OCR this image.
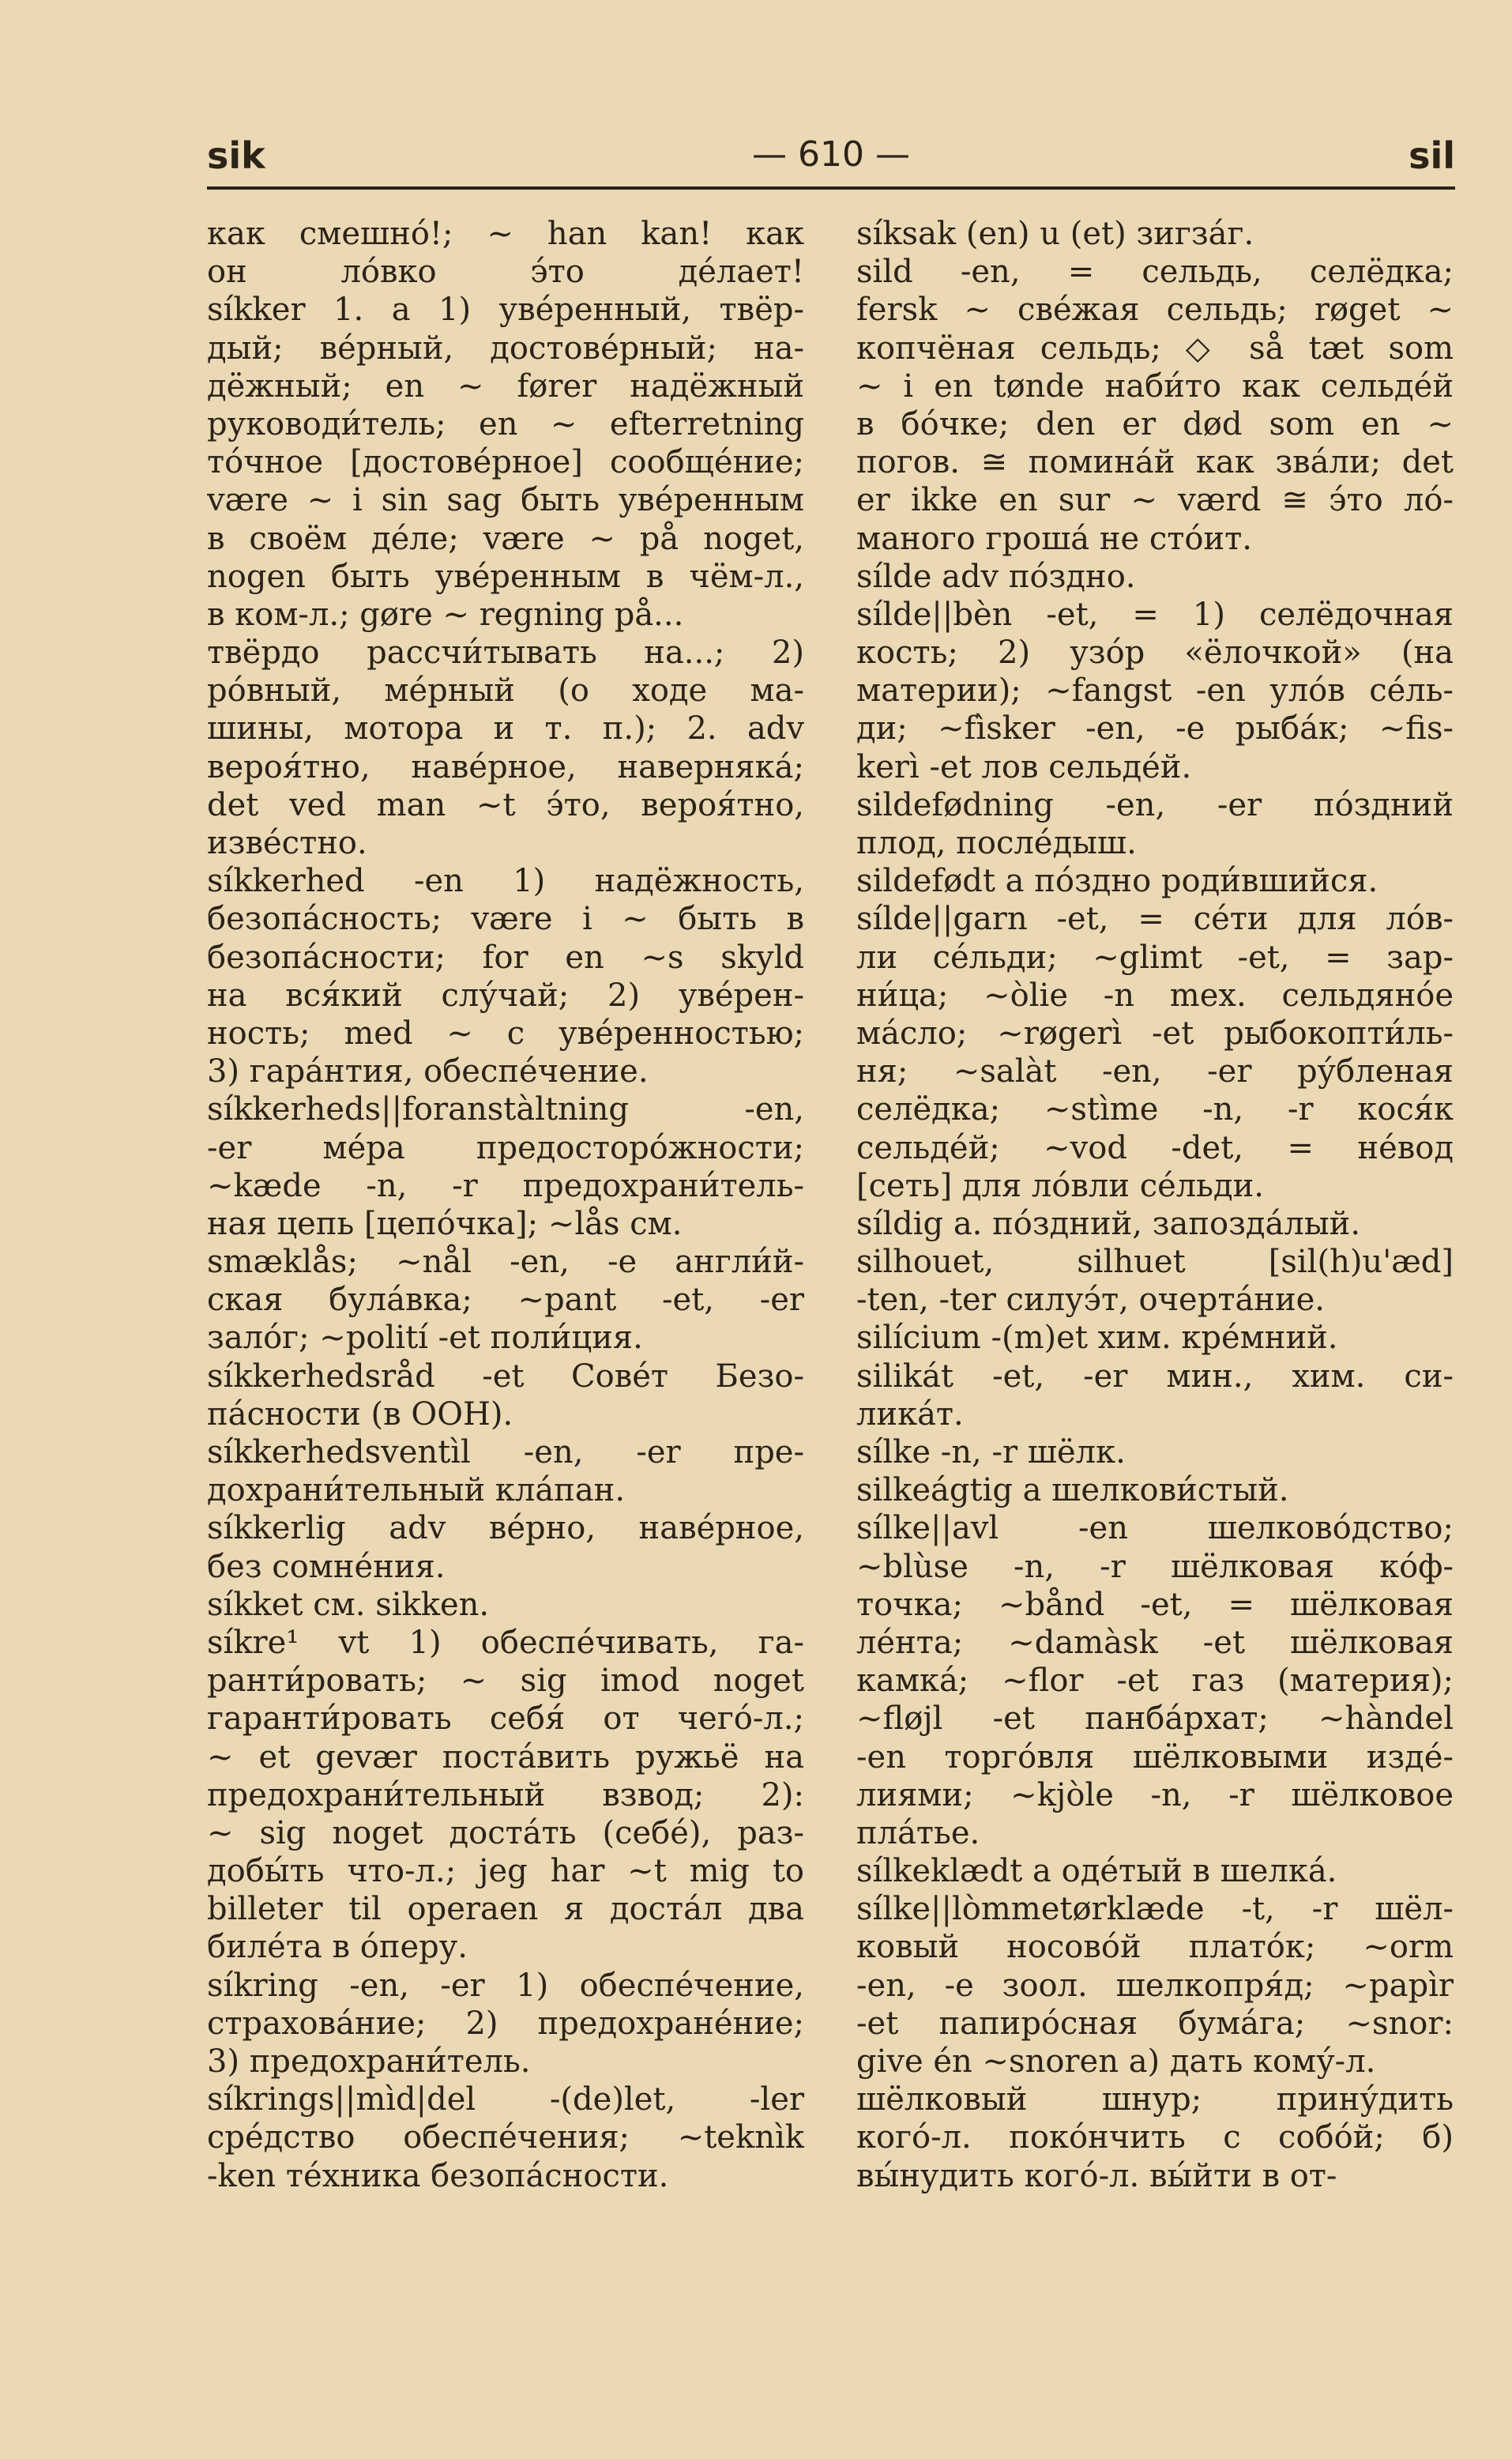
sik	— 610 —	sil
как смешно́!; ~ han kan! как
он ло́вко э́то де́лает!
síkker 1. a 1) уве́ренный, твёр-
дый; ве́рный, достове́рный; на-
дёжный; en ~ fører надёжный
руководи́тель; en ~ efterretning
то́чное [достове́рное] сообще́ние;
være ~ i sin sag быть уве́ренным
в своём де́ле; være ~ på noget,
nogen быть уве́ренным в чём-л.,
в ком-л.; gøre ~ regning på...
твёрдо рассчи́тывать на...; 2)
ро́вный, ме́рный (о ходе ма-
шины, мотора и т. п.); 2. adv
вероя́тно, наве́рное, наверняка́;
det ved man ~t э́то, вероя́тно,
изве́стно.
síkkerhed -en 1) надёжность,
безопа́сность; være i ~ быть в
безопа́сности; for en ~s skyld
на вся́кий слу́чай; 2) уве́рен-
ность; med ~ с уве́ренностью;
3) гара́нтия, обеспе́чение.
síkkerheds||foranstàltning -en,
-er ме́ра предосторо́жности;
~kæde -n, -r предохрани́тель-
ная цепь [цепо́чка]; ~lås см.
smæklås; ~nål -en, -e англи́й-
ская була́вка; ~pant -et, -er
зало́г; ~polití -et поли́ция.
síkkerhedsråd -et Сове́т Безо-
па́сности (в ООН).
síkkerhedsventìl -en, -er пре-
дохрани́тельный кла́пан.
síkkerlig adv ве́рно, наве́рное,
без сомне́ния.
síkket см. sikken.
síkre¹ vt 1) обеспе́чивать, га-
ранти́ровать; ~ sig imod noget
гаранти́ровать себя́ от чего́-л.;
~ et gevær поста́вить ружьё на
предохрани́тельный взвод; 2):
~ sig noget доста́ть (себе́), раз-
добы́ть что-л.; jeg har ~t mig to
billeter til operaen я доста́л два
биле́та в о́перу.
síkring -en, -er 1) обеспе́чение,
страхова́ние; 2) предохране́ние;
3) предохрани́тель.
síkrings||mìd|del -(de)let, -ler
сре́дство обеспе́чения; ~teknìk
-ken те́хника безопа́сности.
síksak (en) u (et) зигза́г.
sild -en, = сельдь, селёдка;
fersk ~ све́жая сельдь; røget ~
копчёная сельдь; ◇ så tæt som
~ i en tønde наби́то как сельде́й
в бо́чке; den er død som en ~
погов. ≅ помина́й как зва́ли; det
er ikke en sur ~ værd ≅ э́то ло́-
маного гроша́ не сто́ит.
sílde adv по́здно.
sílde||bèn -et, = 1) селёдочная
кость; 2) узо́р «ёлочкой» (на
материи); ~fangst -en уло́в се́ль-
ди; ~fìsker -en, -e рыба́к; ~fis-
kerì -et лов сельде́й.
sildefødning -en, -er по́здний
плод, после́дыш.
sildefødt a по́здно роди́вшийся.
sílde||garn -et, = се́ти для ло́в-
ли се́льди; ~glimt -et, = зар-
ни́ца; ~òlie -n mex. сельдяно́е
ма́сло; ~røgerì -et рыбокопти́ль-
ня; ~salàt -en, -er ру́бленая
селёдка; ~stìme -n, -r кося́к
сельде́й; ~vod -det, = не́вод
[сеть] для ло́вли се́льди.
síldig a. по́здний, запозда́лый.
silhouet, silhuet [sil(h)u'æd]
-ten, -ter силуэ́т, очерта́ние.
silícium -(m)et хим. кре́мний.
silikát -et, -er мин., хим. си-
лика́т.
sílke -n, -r шёлк.
silkeágtig a шелкови́стый.
sílke||avl -en шелково́дство;
~blùse -n, -r шёлковая ко́ф-
точка; ~bånd -et, = шёлковая
ле́нта; ~damàsk -et шёлковая
камка́; ~flor -et газ (материя);
~fløjl -et панба́рхат; ~hàndel
-en торго́вля шёлковыми изде́-
лиями; ~kjòle -n, -r шёлковое
пла́тье.
sílkeklædt a оде́тый в шелка́.
sílke||lòmmetørklæde -t, -r шёл-
ковый носово́й плато́к; ~orm
-en, -e зоол. шелкопря́д; ~papìr
-et папиро́сная бума́га; ~snor:
give én ~snoren a) дать кому́-л.
шёлковый шнур; прину́дить
кого́-л. поко́нчить с собо́й; б)
вы́нудить кого́-л. вы́йти в от-
